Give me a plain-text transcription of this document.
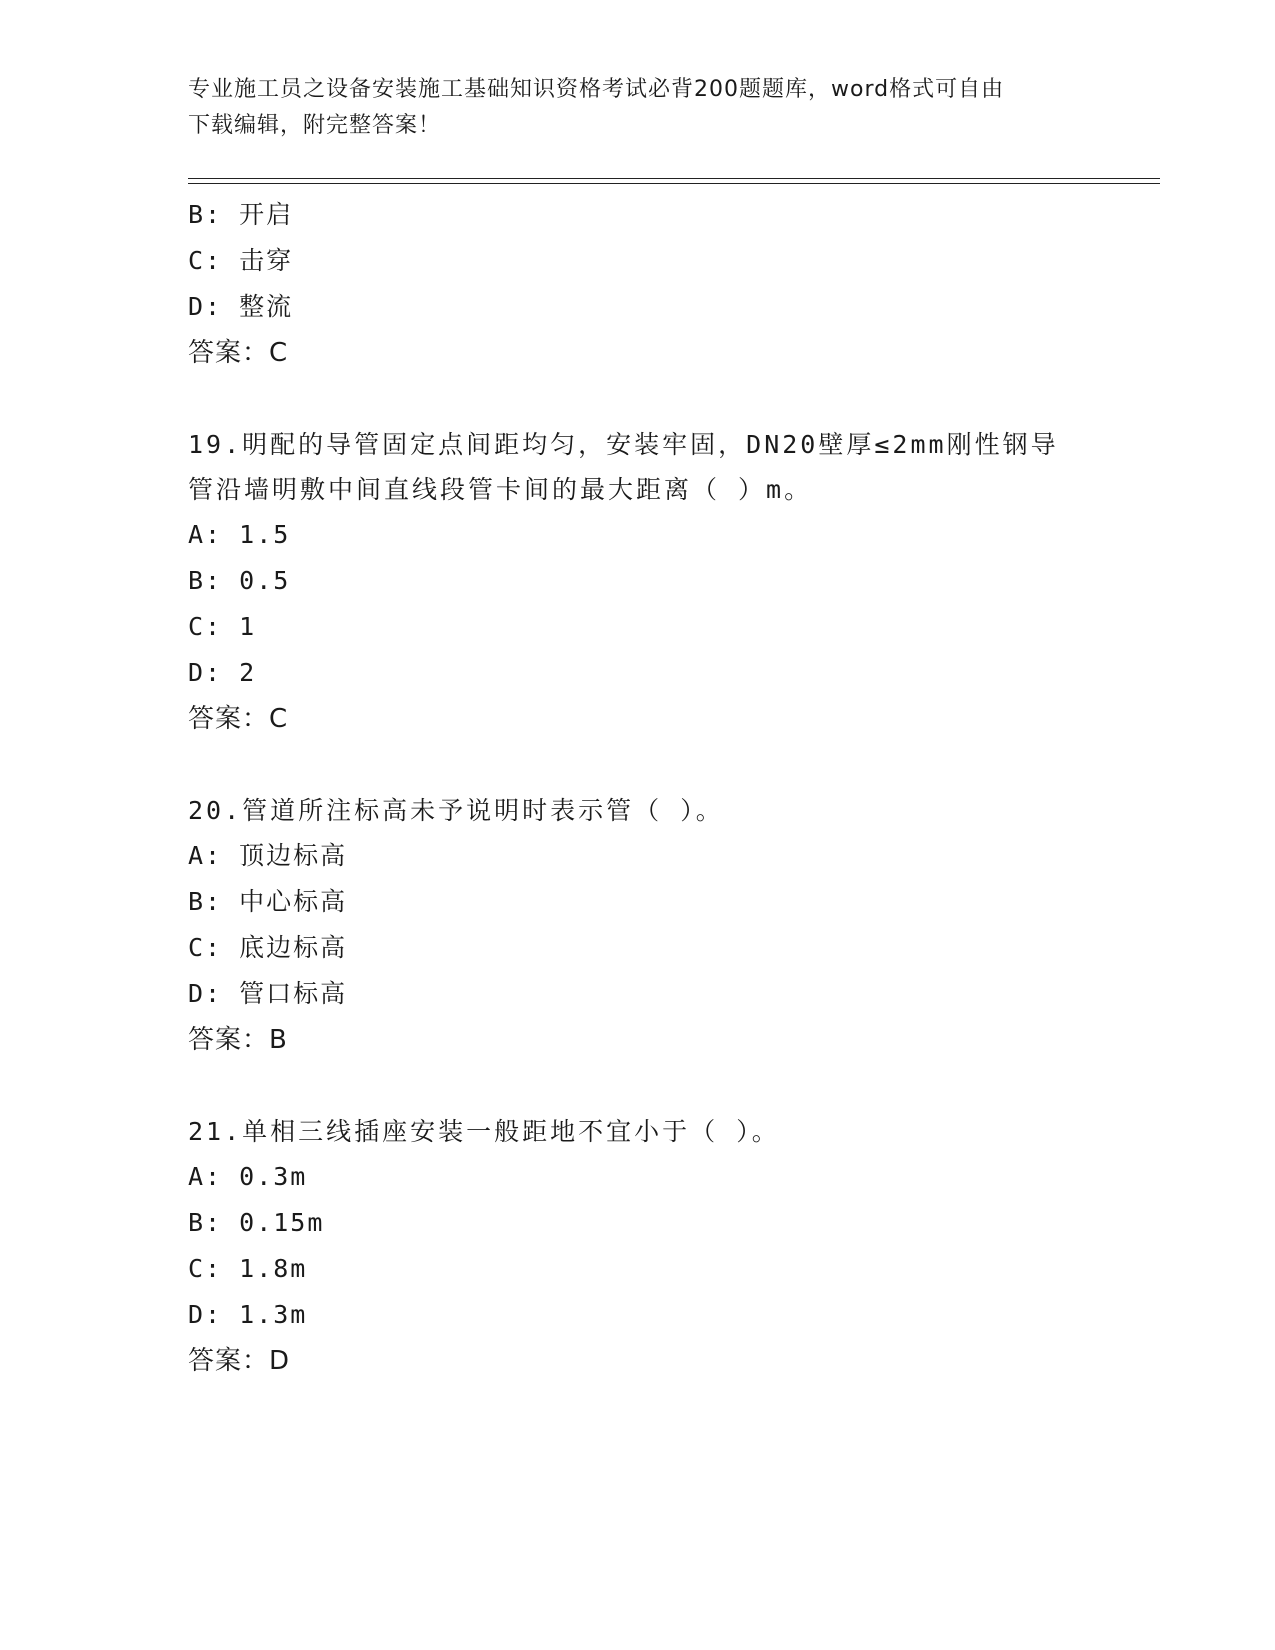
专业施工员之设备安装施工基础知识资格考试必背200题题库，word格式可自由
下载编辑，附完整答案！
B: 开启
C: 击穿
D: 整流
答案：C
19.明配的导管固定点间距均匀，安装牢固，DN20壁厚≤2mm刚性钢导
管沿墙明敷中间直线段管卡间的最大距离（ ）m。
A: 1.5
B: 0.5
C: 1
D: 2
答案：C
20.管道所注标高未予说明时表示管（ ）。
A: 顶边标高
B: 中心标高
C: 底边标高
D: 管口标高
答案：B
21.单相三线插座安装一般距地不宜小于（ ）。
A: 0.3m
B: 0.15m
C: 1.8m
D: 1.3m
答案：D
